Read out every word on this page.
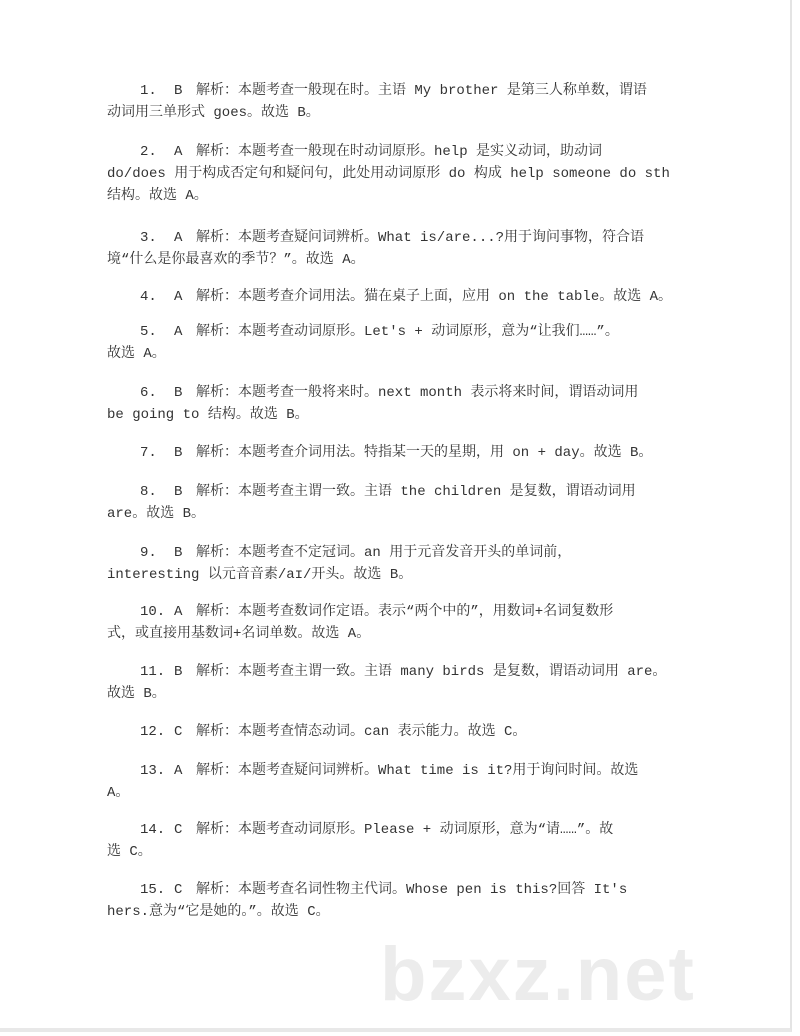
1. B 解析：本题考查一般现在时。主语 My brother 是第三人称单数，谓语
动词用三单形式 goes。故选 B。
2. A 解析：本题考查一般现在时动词原形。help 是实义动词，助动词
do/does 用于构成否定句和疑问句，此处用动词原形 do 构成 help someone do sth
结构。故选 A。
3. A 解析：本题考查疑问词辨析。What is/are...?用于询问事物，符合语
境“什么是你最喜欢的季节？”。故选 A。
4. A 解析：本题考查介词用法。猫在桌子上面，应用 on the table。故选 A。
5. A 解析：本题考查动词原形。Let's + 动词原形，意为“让我们……”。
故选 A。
6. B 解析：本题考查一般将来时。next month 表示将来时间，谓语动词用
be going to 结构。故选 B。
7. B 解析：本题考查介词用法。特指某一天的星期，用 on + day。故选 B。
8. B 解析：本题考查主谓一致。主语 the children 是复数，谓语动词用
are。故选 B。
9. B 解析：本题考查不定冠词。an 用于元音发音开头的单词前，
interesting 以元音音素/aɪ/开头。故选 B。
10. A 解析：本题考查数词作定语。表示“两个中的”，用数词+名词复数形
式，或直接用基数词+名词单数。故选 A。
11. B 解析：本题考查主谓一致。主语 many birds 是复数，谓语动词用 are。
故选 B。
12. C 解析：本题考查情态动词。can 表示能力。故选 C。
13. A 解析：本题考查疑问词辨析。What time is it?用于询问时间。故选
A。
14. C 解析：本题考查动词原形。Please + 动词原形，意为“请……”。故
选 C。
15. C 解析：本题考查名词性物主代词。Whose pen is this?回答 It's
hers.意为“它是她的。”。故选 C。
bzxz.net
